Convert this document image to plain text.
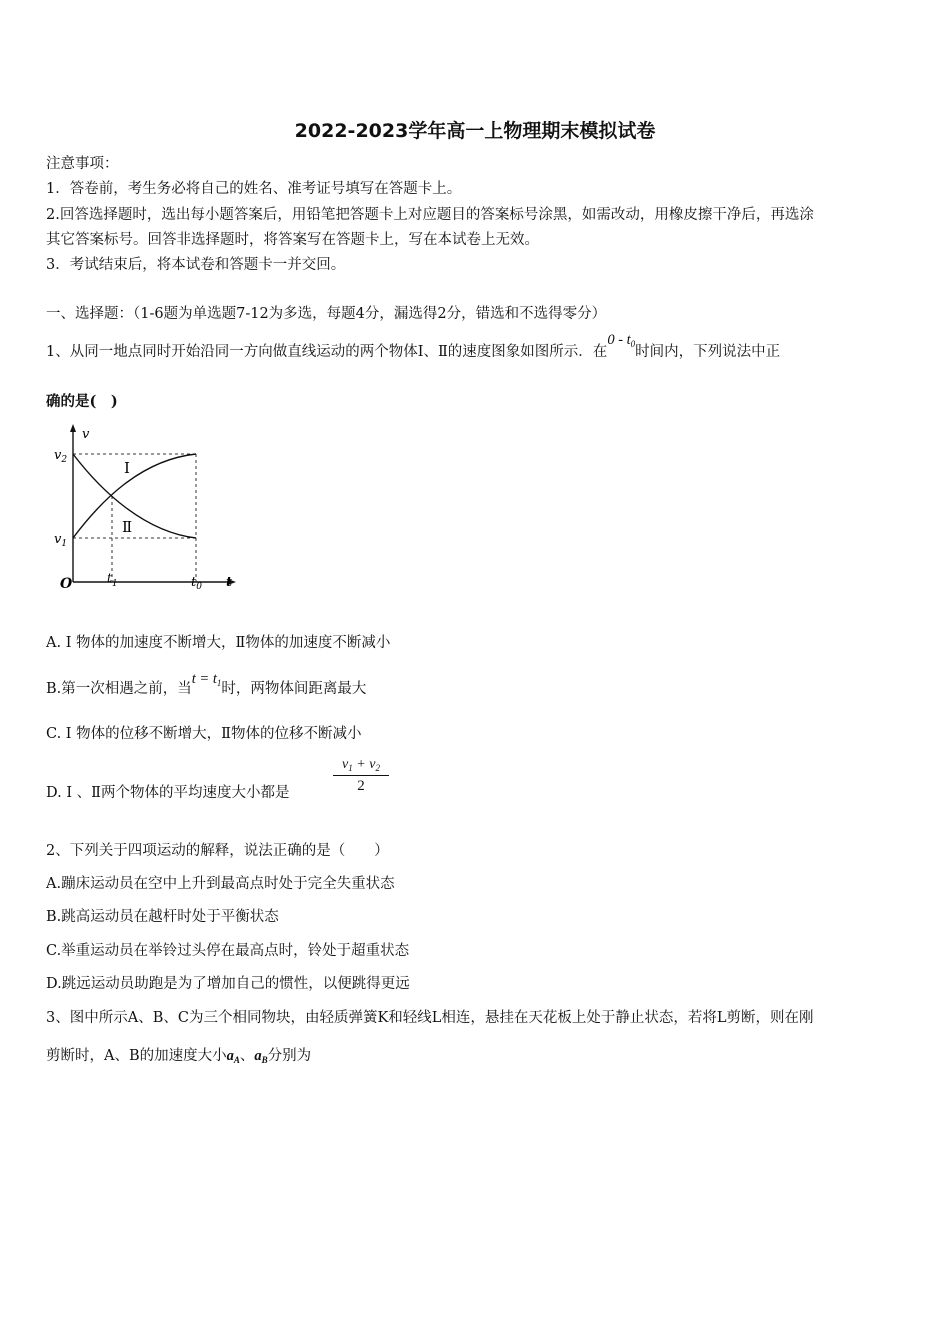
2022-2023学年高一上物理期末模拟试卷
注意事项：
1．答卷前，考生务必将自己的姓名、准考证号填写在答题卡上。
2.回答选择题时，选出每小题答案后，用铅笔把答题卡上对应题目的答案标号涂黑，如需改动，用橡皮擦干净后，再选涂
其它答案标号。回答非选择题时，将答案写在答题卡上，写在本试卷上无效。
3．考试结束后，将本试卷和答题卡一并交回。
一、选择题：（1-6题为单选题7-12为多选，每题4分，漏选得2分，错选和不选得零分）
1、从同一地点同时开始沿同一方向做直线运动的两个物体Ⅰ、Ⅱ的速度图象如图所示．在$0 - t_0$时间内，下列说法中正
确的是(　)
v
t
O
$v_2$
$v_1$
$t_1$	$t_0$
Ⅰ
Ⅱ
A. Ⅰ 物体的加速度不断增大，Ⅱ物体的加速度不断减小
B.第一次相遇之前，当$t = t_1$时，两物体间距离最大
C. Ⅰ 物体的位移不断增大，Ⅱ物体的位移不断减小
D. Ⅰ 、Ⅱ两个物体的平均速度大小都是	$\frac{v_1 + v_2}{2}$
2、下列关于四项运动的解释，说法正确的是（　　）
A.蹦床运动员在空中上升到最高点时处于完全失重状态
B.跳高运动员在越杆时处于平衡状态
C.举重运动员在举铃过头停在最高点时，铃处于超重状态
D.跳远运动员助跑是为了增加自己的惯性，以便跳得更远
3、图中所示A、B、C为三个相同物块，由轻质弹簧K和轻线L相连，悬挂在天花板上处于静止状态，若将L剪断，则在刚
剪断时，A、B的加速度大小$a_A$、$a_B$分别为
